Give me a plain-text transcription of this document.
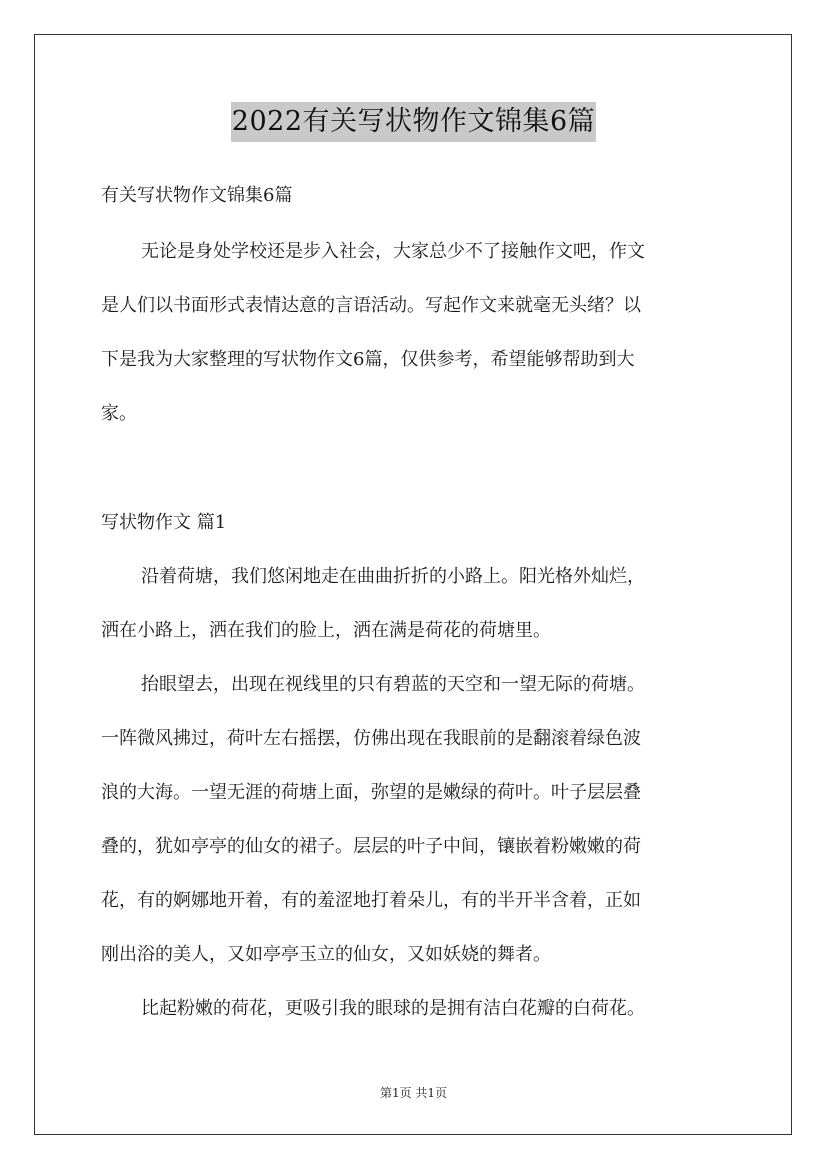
2022有关写状物作文锦集6篇
有关写状物作文锦集6篇
无论是身处学校还是步入社会，大家总少不了接触作文吧，作文
是人们以书面形式表情达意的言语活动。写起作文来就毫无头绪？以
下是我为大家整理的写状物作文6篇，仅供参考，希望能够帮助到大
家。
写状物作文 篇1
沿着荷塘，我们悠闲地走在曲曲折折的小路上。阳光格外灿烂，
洒在小路上，洒在我们的脸上，洒在满是荷花的荷塘里。
抬眼望去，出现在视线里的只有碧蓝的天空和一望无际的荷塘。
一阵微风拂过，荷叶左右摇摆，仿佛出现在我眼前的是翻滚着绿色波
浪的大海。一望无涯的荷塘上面，弥望的是嫩绿的荷叶。叶子层层叠
叠的，犹如亭亭的仙女的裙子。层层的叶子中间，镶嵌着粉嫩嫩的荷
花，有的婀娜地开着，有的羞涩地打着朵儿，有的半开半含着，正如
刚出浴的美人，又如亭亭玉立的仙女，又如妖娆的舞者。
比起粉嫩的荷花，更吸引我的眼球的是拥有洁白花瓣的白荷花。
第1页 共1页
